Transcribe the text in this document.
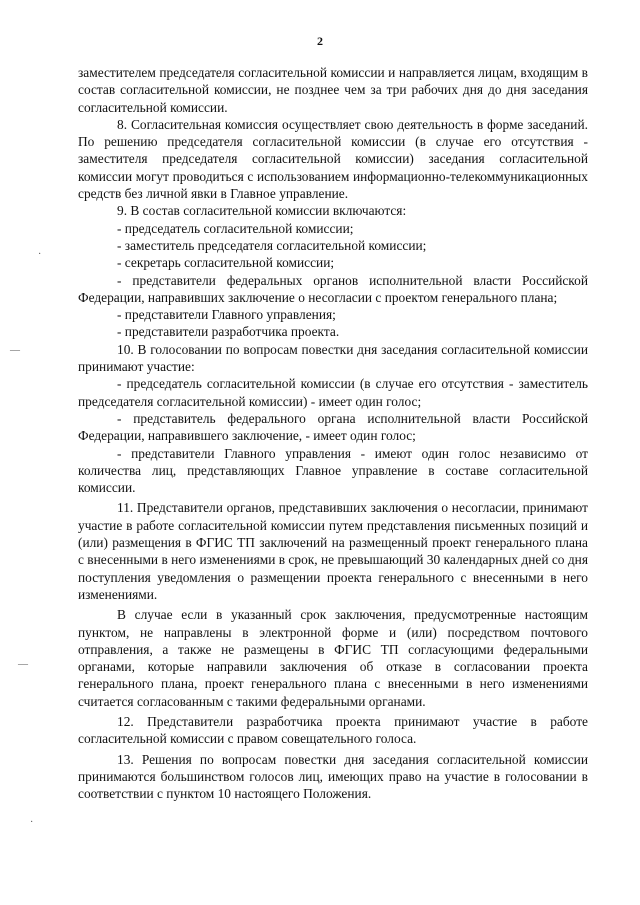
2
·
—
—
·

заместителем председателя согласительной комиссии и направляется лицам, входящим в состав согласительной комиссии, не позднее чем за три рабочих дня до дня заседания согласительной комиссии.

8. Согласительная комиссия осуществляет свою деятельность в форме заседаний. По решению председателя согласительной комиссии (в случае его отсутствия - заместителя председателя согласительной комиссии) заседания согласительной комиссии могут проводиться с использованием информационно-телекоммуникационных средств без личной явки в Главное управление.

9. В состав согласительной комиссии включаются:

- председатель согласительной комиссии;

- заместитель председателя согласительной комиссии;

- секретарь согласительной комиссии;

- представители федеральных органов исполнительной власти Российской Федерации, направивших заключение о несогласии с проектом генерального плана;

- представители Главного управления;

- представители разработчика проекта.

10. В голосовании по вопросам повестки дня заседания согласительной комиссии принимают участие:

- председатель согласительной комиссии (в случае его отсутствия - заместитель председателя согласительной комиссии) - имеет один голос;

- представитель федерального органа исполнительной власти Российской Федерации, направившего заключение, - имеет один голос;

- представители Главного управления - имеют один голос независимо от количества лиц, представляющих Главное управление в составе согласительной комиссии.

11. Представители органов, представивших заключения о несогласии, принимают участие в работе согласительной комиссии путем представления письменных позиций и (или) размещения в ФГИС ТП заключений на размещенный проект генерального плана с внесенными в него изменениями в срок, не превышающий 30 календарных дней со дня поступления уведомления о размещении проекта генерального с внесенными в него изменениями.

В случае если в указанный срок заключения, предусмотренные настоящим пунктом, не направлены в электронной форме и (или) посредством почтового отправления, а также не размещены в ФГИС ТП согласующими федеральными органами, которые направили заключения об отказе в согласовании проекта генерального плана, проект генерального плана с внесенными в него изменениями считается согласованным с такими федеральными органами.

12. Представители разработчика проекта принимают участие в работе согласительной комиссии с правом совещательного голоса.

13. Решения по вопросам повестки дня заседания согласительной комиссии принимаются большинством голосов лиц, имеющих право на участие в голосовании в соответствии с пунктом 10 настоящего Положения.
